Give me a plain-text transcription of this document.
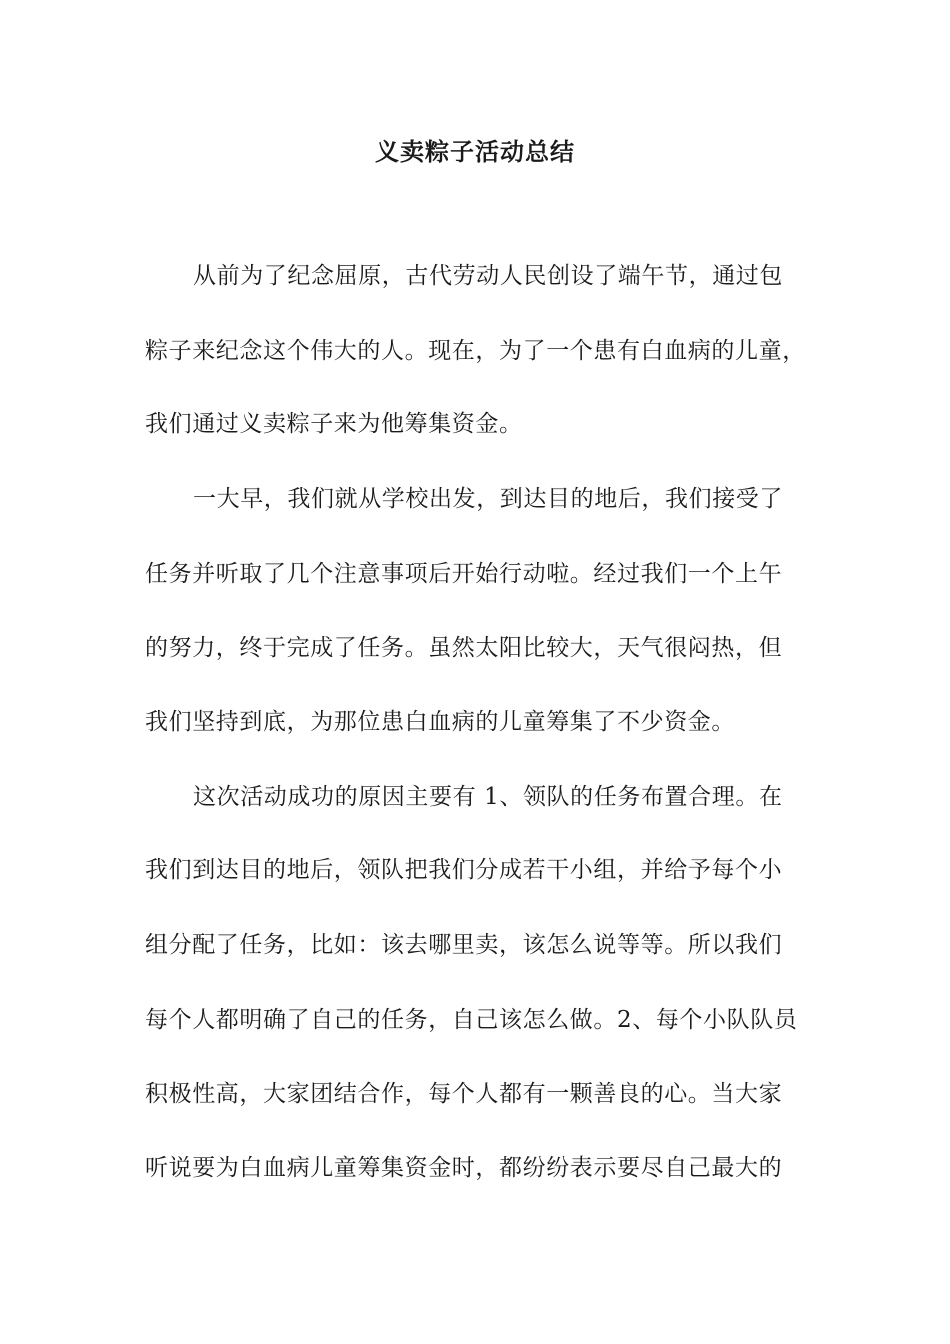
义卖粽子活动总结

从前为了纪念屈原，古代劳动人民创设了端午节，通过包

粽子来纪念这个伟大的人。现在，为了一个患有白血病的儿童，

我们通过义卖粽子来为他筹集资金。

一大早，我们就从学校出发，到达目的地后，我们接受了

任务并听取了几个注意事项后开始行动啦。经过我们一个上午

的努力，终于完成了任务。虽然太阳比较大，天气很闷热，但

我们坚持到底，为那位患白血病的儿童筹集了不少资金。

这次活动成功的原因主要有 1、领队的任务布置合理。在

我们到达目的地后，领队把我们分成若干小组，并给予每个小

组分配了任务，比如：该去哪里卖，该怎么说等等。所以我们

每个人都明确了自己的任务，自己该怎么做。2、每个小队队员

积极性高，大家团结合作，每个人都有一颗善良的心。当大家

听说要为白血病儿童筹集资金时，都纷纷表示要尽自己最大的
